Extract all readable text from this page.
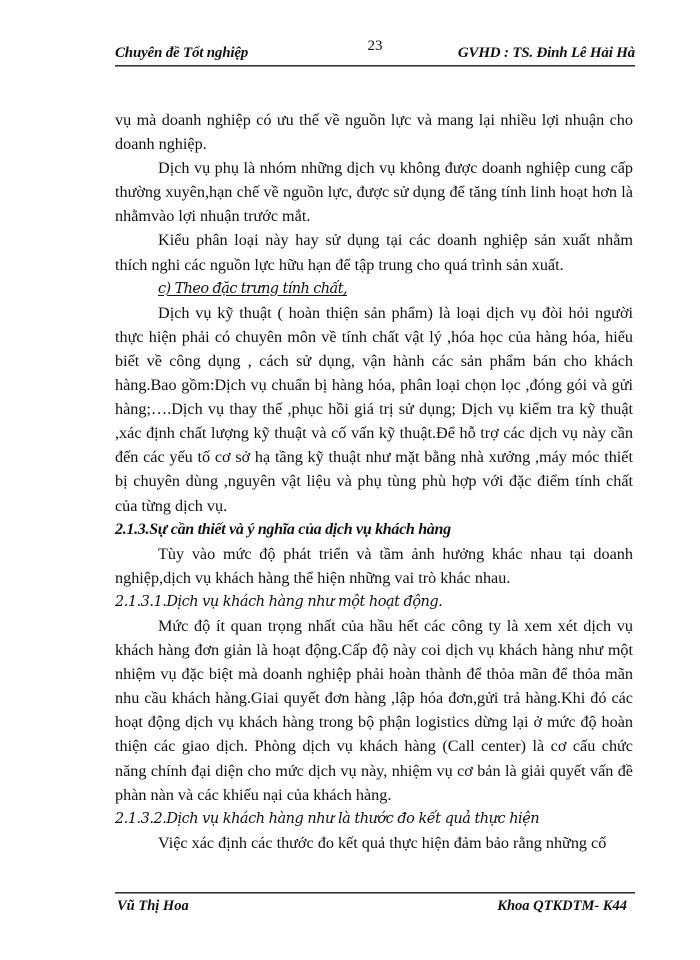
Chuyên đề Tốt nghiệp	23	GVHD : TS. Đinh Lê Hải Hà

vụ mà doanh nghiệp có ưu thế về nguồn lực và mang lại nhiều lợi nhuận cho doanh nghiệp.

Dịch vụ phụ là nhóm những dịch vụ không được doanh nghiệp cung cấp thường xuyên,hạn chế về nguồn lực, được sử dụng để tăng tính linh hoạt hơn là nhằmvào lợi nhuận trước mắt.

Kiểu phân loại này hay sử dụng tại các doanh nghiệp sản xuất nhằm thích nghi các nguồn lực hữu hạn để tập trung cho quá trình sản xuất.

c) Theo đặc trưng tính chất,

Dịch vụ kỹ thuật ( hoàn thiện sản phẩm) là loại dịch vụ đòi hỏi người thực hiện phải có chuyên môn về tính chất vật lý ,hóa học của hàng hóa, hiểu biết về công dụng , cách sử dụng, vận hành các sản phẩm bán cho khách hàng.Bao gồm:Dịch vụ chuẩn bị hàng hóa, phân loại chọn lọc ,đóng gói và gửi hàng;….Dịch vụ thay thế ,phục hồi giá trị sử dụng; Dịch vụ kiểm tra kỹ thuật ,xác định chất lượng kỹ thuật và cố vấn kỹ thuật.Để hỗ trợ các dịch vụ này cần đến các yếu tố cơ sở hạ tầng kỹ thuật như mặt bằng nhà xưởng ,máy móc thiết bị chuyên dùng ,nguyên vật liệu và phụ tùng phù hợp với đặc điểm tính chất của từng dịch vụ.

2.1.3.Sự cần thiết và ý nghĩa của dịch vụ khách hàng

Tùy vào mức độ phát triển và tầm ảnh hưởng khác nhau tại doanh nghiệp,dịch vụ khách hàng thể hiện những vai trò khác nhau.

2.1.3.1.Dịch vụ khách hàng như một hoạt động.

Mức độ ít quan trọng nhất của hầu hết các công ty là xem xét dịch vụ khách hàng đơn giản là hoạt động.Cấp độ này coi dịch vụ khách hàng như một nhiệm vụ đặc biệt mà doanh nghiệp phải hoàn thành để thỏa mãn để thỏa mãn nhu cầu khách hàng.Giai quyết đơn hàng ,lập hóa đơn,gửi trả hàng.Khi đó các hoạt động dịch vụ khách hàng trong bộ phận logistics dừng lại ở mức độ hoàn thiện các giao dịch. Phòng dịch vụ khách hàng (Call center) là cơ cấu chức năng chính đại diện cho mức dịch vụ này, nhiệm vụ cơ bản là giải quyết vấn đề phàn nàn và các khiếu nại của khách hàng.

2.1.3.2.Dịch vụ khách hàng như là thước đo kết quả thực hiện

Việc xác định các thước đo kết quả thực hiện đảm bảo rằng những cố

Vũ Thị Hoa	Khoa QTKDTM- K44
